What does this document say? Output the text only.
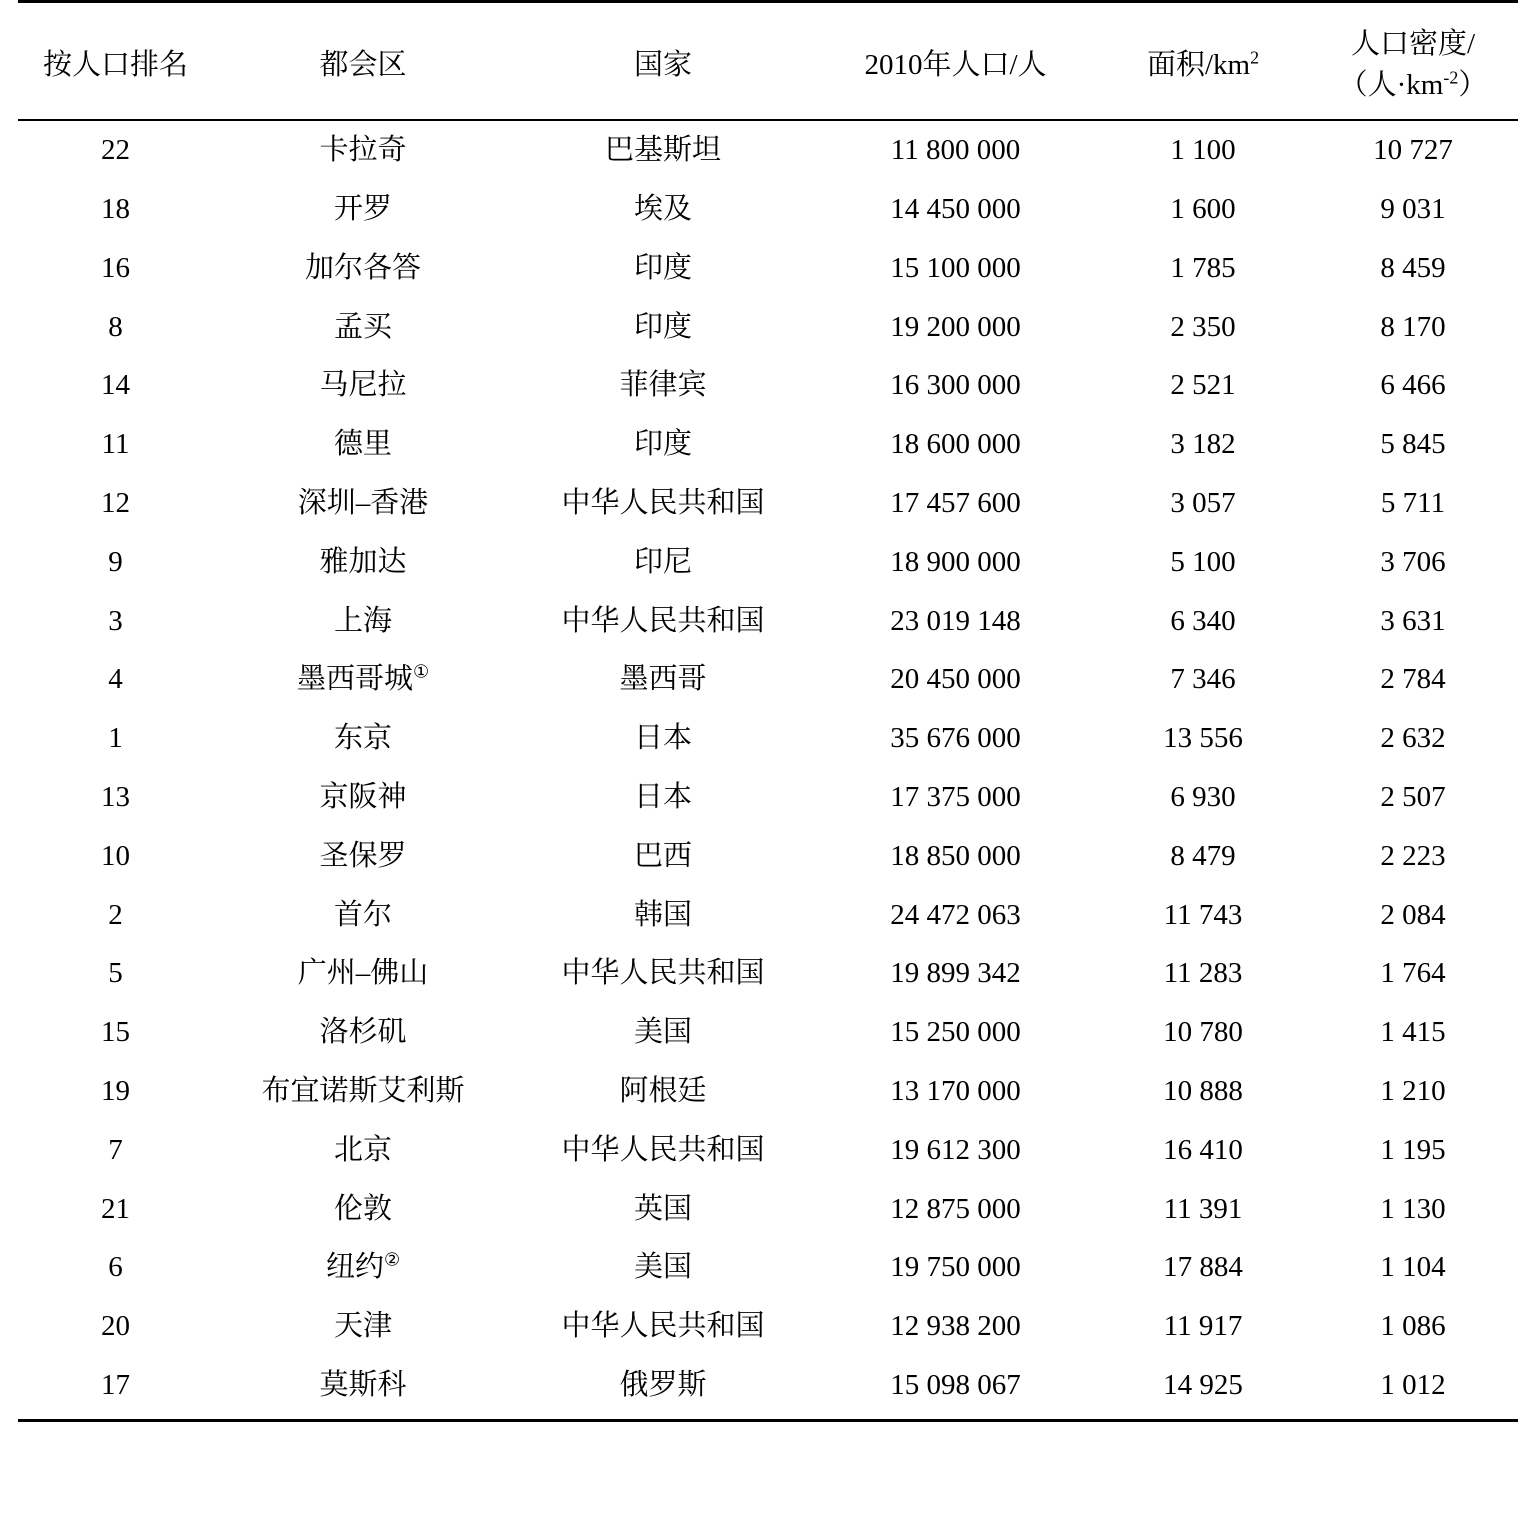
按人口排名	都会区	国家	2010年人口/人	面积$/km^2$	人口密度/
（人$\cdot km^{-2}$）

22	卡拉奇	巴基斯坦	11 800 000	1 100	10 727
18	开罗	埃及	14 450 000	1 600	9 031
16	加尔各答	印度	15 100 000	1 785	8 459
8	孟买	印度	19 200 000	2 350	8 170
14	马尼拉	菲律宾	16 300 000	2 521	6 466
11	德里	印度	18 600 000	3 182	5 845
12	深圳–香港	中华人民共和国	17 457 600	3 057	5 711
9	雅加达	印尼	18 900 000	5 100	3 706
3	上海	中华人民共和国	23 019 148	6 340	3 631
4	墨西哥城①	墨西哥	20 450 000	7 346	2 784
1	东京	日本	35 676 000	13 556	2 632
13	京阪神	日本	17 375 000	6 930	2 507
10	圣保罗	巴西	18 850 000	8 479	2 223
2	首尔	韩国	24 472 063	11 743	2 084
5	广州–佛山	中华人民共和国	19 899 342	11 283	1 764
15	洛杉矶	美国	15 250 000	10 780	1 415
19	布宜诺斯艾利斯	阿根廷	13 170 000	10 888	1 210
7	北京	中华人民共和国	19 612 300	16 410	1 195
21	伦敦	英国	12 875 000	11 391	1 130
6	纽约②	美国	19 750 000	17 884	1 104
20	天津	中华人民共和国	12 938 200	11 917	1 086
17	莫斯科	俄罗斯	15 098 067	14 925	1 012
